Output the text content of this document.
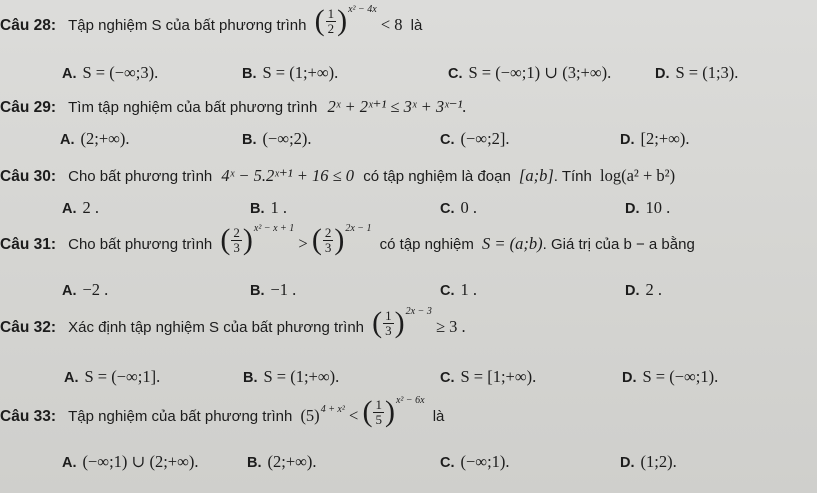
Câu 28: Tập nghiệm S của bất phương trình ( $\frac{1}{2}$ ) x² − 4x
< 8 là
A. S = (−∞;3).	B. S = (1;+∞).	C. S = (−∞;1) ∪ (3;+∞).	D. S = (1;3).
Câu 29: Tìm tập nghiệm của bất phương trình 2ˣ + 2ˣ⁺¹ ≤ 3ˣ + 3ˣ⁻¹.
A. (2;+∞).	B. (−∞;2).	C. (−∞;2].	D. [2;+∞).
Câu 30: Cho bất phương trình 4ˣ − 5.2ˣ⁺¹ + 16 ≤ 0 có tập nghiệm là đoạn [a;b]. Tính log(a² + b²)
A. 2 .	B. 1 .	C. 0 .	D. 10 .
Câu 31: Cho bất phương trình ( $\frac{2}{3}$ ) x² − x + 1
> ( $\frac{2}{3}$ ) 2x − 1
có tập nghiệm S = (a;b). Giá trị của b − a bằng
A. −2 .	B. −1 .	C. 1 .	D. 2 .
Câu 32: Xác định tập nghiệm S của bất phương trình ( $\frac{1}{3}$ ) 2x − 3
≥ 3 .
A. S = (−∞;1].	B. S = (1;+∞).	C. S = [1;+∞).	D. S = (−∞;1).
Câu 33: Tập nghiệm của bất phương trình (5) 4 + x² < ( $\frac{1}{5}$ ) x² − 6x
là
A. (−∞;1) ∪ (2;+∞).	B. (2;+∞).	C. (−∞;1).	D. (1;2).
